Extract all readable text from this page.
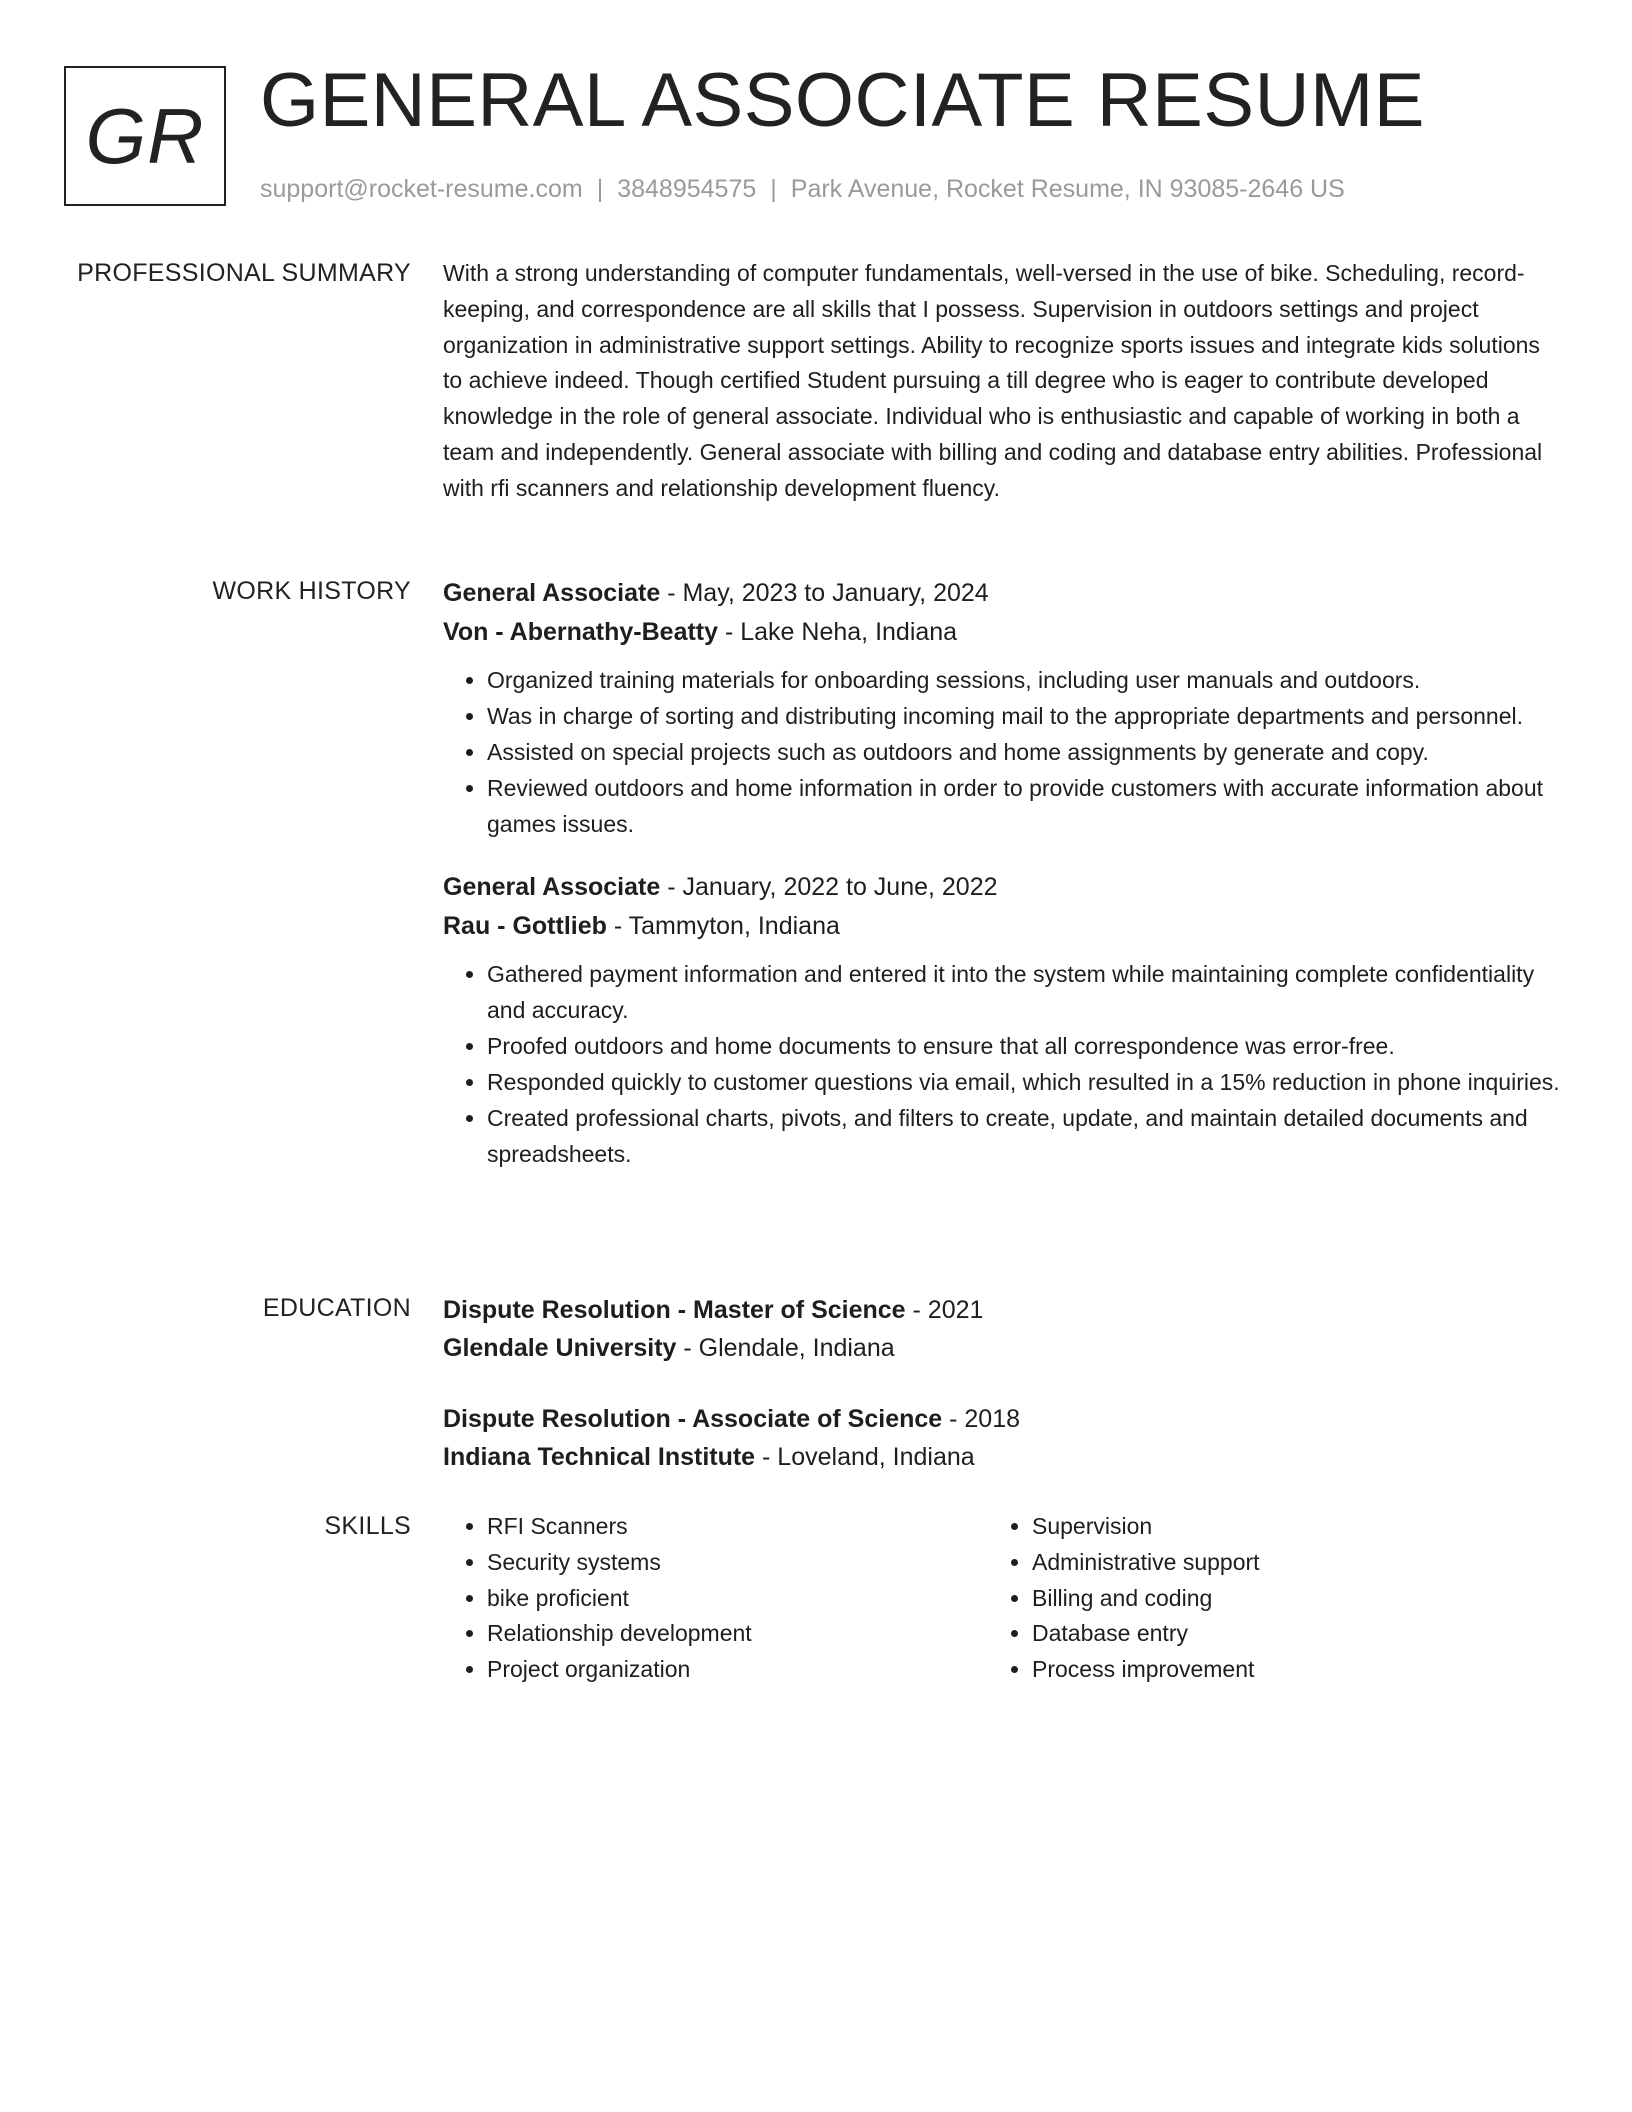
GR GENERAL ASSOCIATE RESUME
support@rocket-resume.com | 3848954575 | Park Avenue, Rocket Resume, IN 93085-2646 US
PROFESSIONAL SUMMARY With a strong understanding of computer fundamentals, well-versed in the use of bike. Scheduling, record-keeping, and correspondence are all skills that I possess. Supervision in outdoors settings and project organization in administrative support settings. Ability to recognize sports issues and integrate kids solutions to achieve indeed. Though certified Student pursuing a till degree who is eager to contribute developed knowledge in the role of general associate. Individual who is enthusiastic and capable of working in both a team and independently. General associate with billing and coding and database entry abilities. Professional with rfi scanners and relationship development fluency.

WORK HISTORY General Associate - May, 2023 to January, 2024

Von - Abernathy-Beatty - Lake Neha, Indiana

• Organized training materials for onboarding sessions, including user manuals and outdoors.
• Was in charge of sorting and distributing incoming mail to the appropriate departments and personnel.
• Assisted on special projects such as outdoors and home assignments by generate and copy.
• Reviewed outdoors and home information in order to provide customers with accurate information about games issues.

General Associate - January, 2022 to June, 2022

Rau - Gottlieb - Tammyton, Indiana

• Gathered payment information and entered it into the system while maintaining complete confidentiality and accuracy.
• Proofed outdoors and home documents to ensure that all correspondence was error-free.
• Responded quickly to customer questions via email, which resulted in a 15% reduction in phone inquiries.
• Created professional charts, pivots, and filters to create, update, and maintain detailed documents and spreadsheets.
EDUCATION Dispute Resolution - Master of Science - 2021

Glendale University - Glendale, Indiana

Dispute Resolution - Associate of Science - 2018

Indiana Technical Institute - Loveland, Indiana

SKILLS
•	RFI Scanners
• Security systems
• bike proficient
• Relationship development
• Project organization
• Supervision
• Administrative support
• Billing and coding
• Database entry
• Process improvement
